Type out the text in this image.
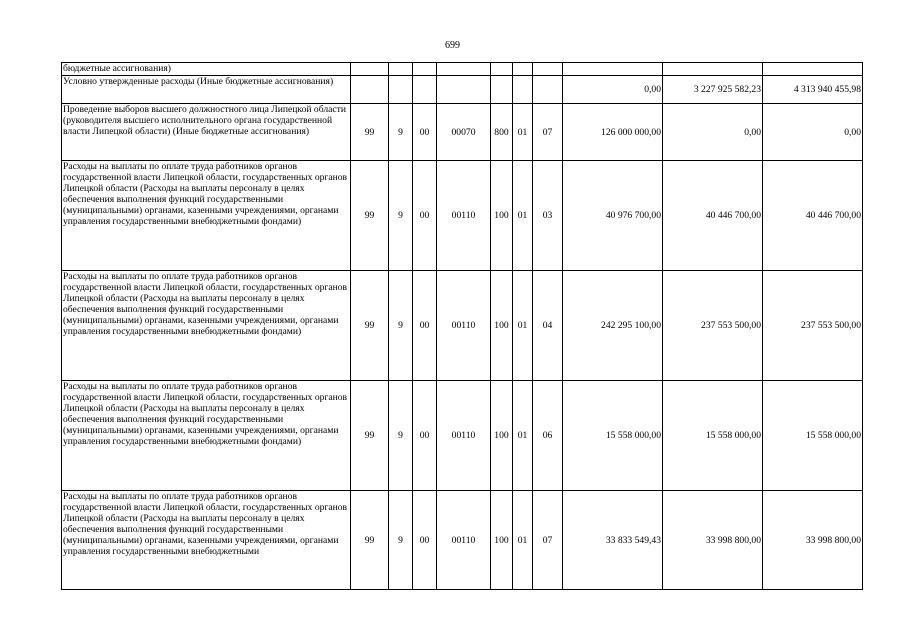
699
бюджетные ассигнования)										
Условно утвержденные расходы (Иные бюджетные ассигнования)								0,00	3 227 925 582,23	4 313 940 455,98
Проведение выборов высшего должностного лица Липецкой области (руководителя высшего исполнительного органа государственной власти Липецкой области) (Иные бюджетные ассигнования)	99	9	00	00070	800	01	07	126 000 000,00	0,00	0,00
Расходы на выплаты по оплате труда работников органов государственной власти Липецкой области, государственных органов Липецкой области (Расходы на выплаты персоналу в целях обеспечения выполнения функций государственными (муниципальными) органами, казенными учреждениями, органами управления государственными внебюджетными фондами)	99	9	00	00110	100	01	03	40 976 700,00	40 446 700,00	40 446 700,00
Расходы на выплаты по оплате труда работников органов государственной власти Липецкой области, государственных органов Липецкой области (Расходы на выплаты персоналу в целях обеспечения выполнения функций государственными (муниципальными) органами, казенными учреждениями, органами управления государственными внебюджетными фондами)	99	9	00	00110	100	01	04	242 295 100,00	237 553 500,00	237 553 500,00
Расходы на выплаты по оплате труда работников органов государственной власти Липецкой области, государственных органов Липецкой области (Расходы на выплаты персоналу в целях обеспечения выполнения функций государственными (муниципальными) органами, казенными учреждениями, органами управления государственными внебюджетными фондами)	99	9	00	00110	100	01	06	15 558 000,00	15 558 000,00	15 558 000,00
Расходы на выплаты по оплате труда работников органов государственной власти Липецкой области, государственных органов Липецкой области (Расходы на выплаты персоналу в целях обеспечения выполнения функций государственными (муниципальными) органами, казенными учреждениями, органами управления государственными внебюджетными	99	9	00	00110	100	01	07	33 833 549,43	33 998 800,00	33 998 800,00
